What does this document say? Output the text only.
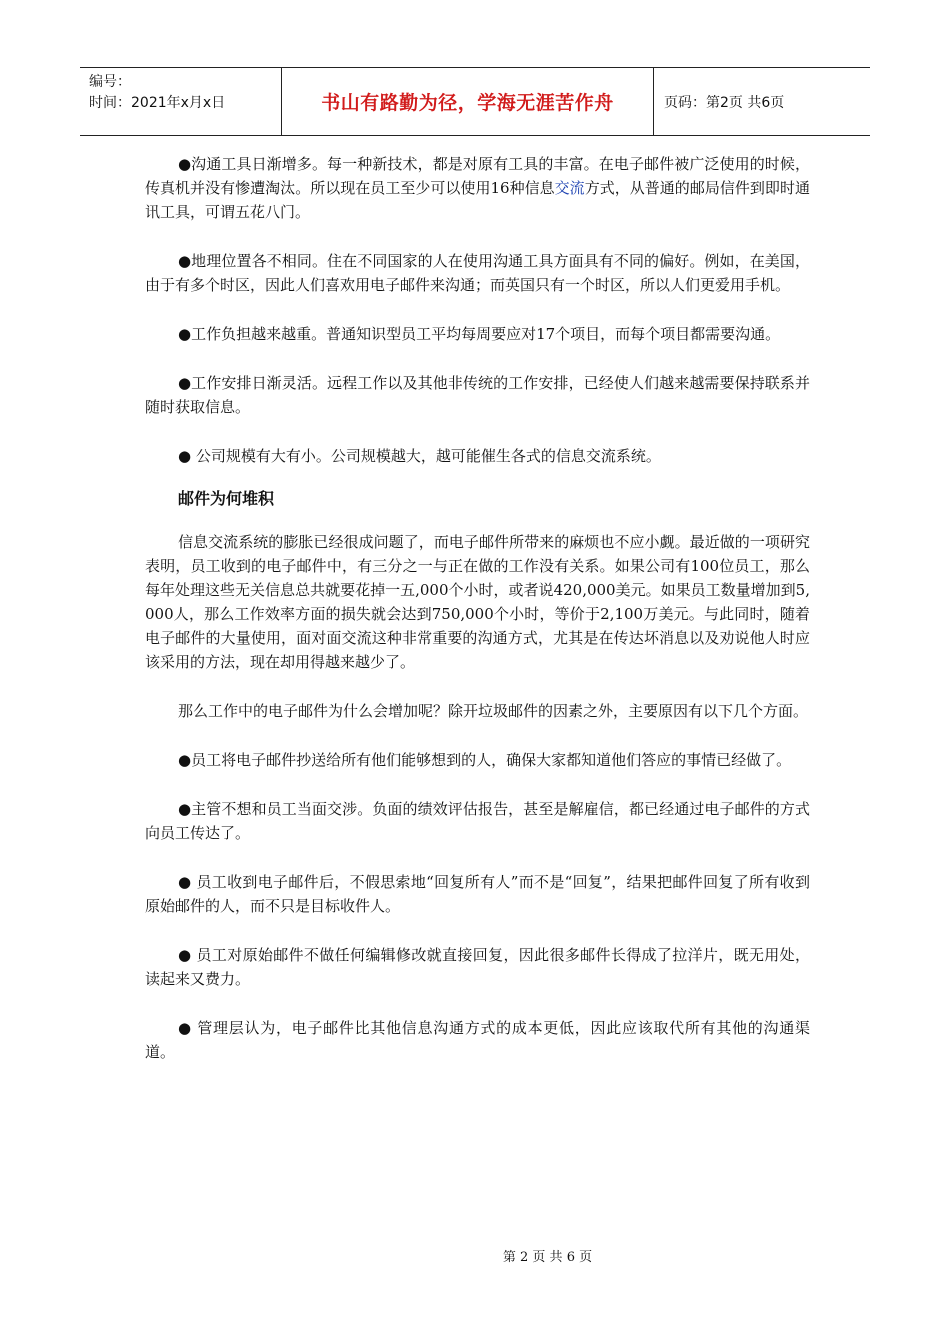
编号：
时间：2021年x月x日	书山有路勤为径，学海无涯苦作舟	页码：第2页 共6页

●沟通工具日渐增多。每一种新技术，都是对原有工具的丰富。在电子邮件被广泛使用的时候，传真机并没有惨遭淘汰。所以现在员工至少可以使用16种信息交流方式，从普通的邮局信件到即时通讯工具，可谓五花八门。

●地理位置各不相同。住在不同国家的人在使用沟通工具方面具有不同的偏好。例如，在美国，由于有多个时区，因此人们喜欢用电子邮件来沟通；而英国只有一个时区，所以人们更爱用手机。

●工作负担越来越重。普通知识型员工平均每周要应对17个项目，而每个项目都需要沟通。

●工作安排日渐灵活。远程工作以及其他非传统的工作安排，已经使人们越来越需要保持联系并随时获取信息。

● 公司规模有大有小。公司规模越大，越可能催生各式的信息交流系统。

邮件为何堆积

信息交流系统的膨胀已经很成问题了，而电子邮件所带来的麻烦也不应小觑。最近做的一项研究表明，员工收到的电子邮件中，有三分之一与正在做的工作没有关系。如果公司有100位员工，那么每年处理这些无关信息总共就要花掉一五,000个小时，或者说420,000美元。如果员工数量增加到5,000人，那么工作效率方面的损失就会达到750,000个小时，等价于2,100万美元。与此同时，随着电子邮件的大量使用，面对面交流这种非常重要的沟通方式，尤其是在传达坏消息以及劝说他人时应该采用的方法，现在却用得越来越少了。

那么工作中的电子邮件为什么会增加呢？除开垃圾邮件的因素之外，主要原因有以下几个方面。

●员工将电子邮件抄送给所有他们能够想到的人，确保大家都知道他们答应的事情已经做了。

●主管不想和员工当面交涉。负面的绩效评估报告，甚至是解雇信，都已经通过电子邮件的方式向员工传达了。

● 员工收到电子邮件后，不假思索地“回复所有人”而不是“回复”，结果把邮件回复了所有收到原始邮件的人，而不只是目标收件人。

● 员工对原始邮件不做任何编辑修改就直接回复，因此很多邮件长得成了拉洋片，既无用处，读起来又费力。

● 管理层认为，电子邮件比其他信息沟通方式的成本更低，因此应该取代所有其他的沟通渠道。

第 2 页 共 6 页
